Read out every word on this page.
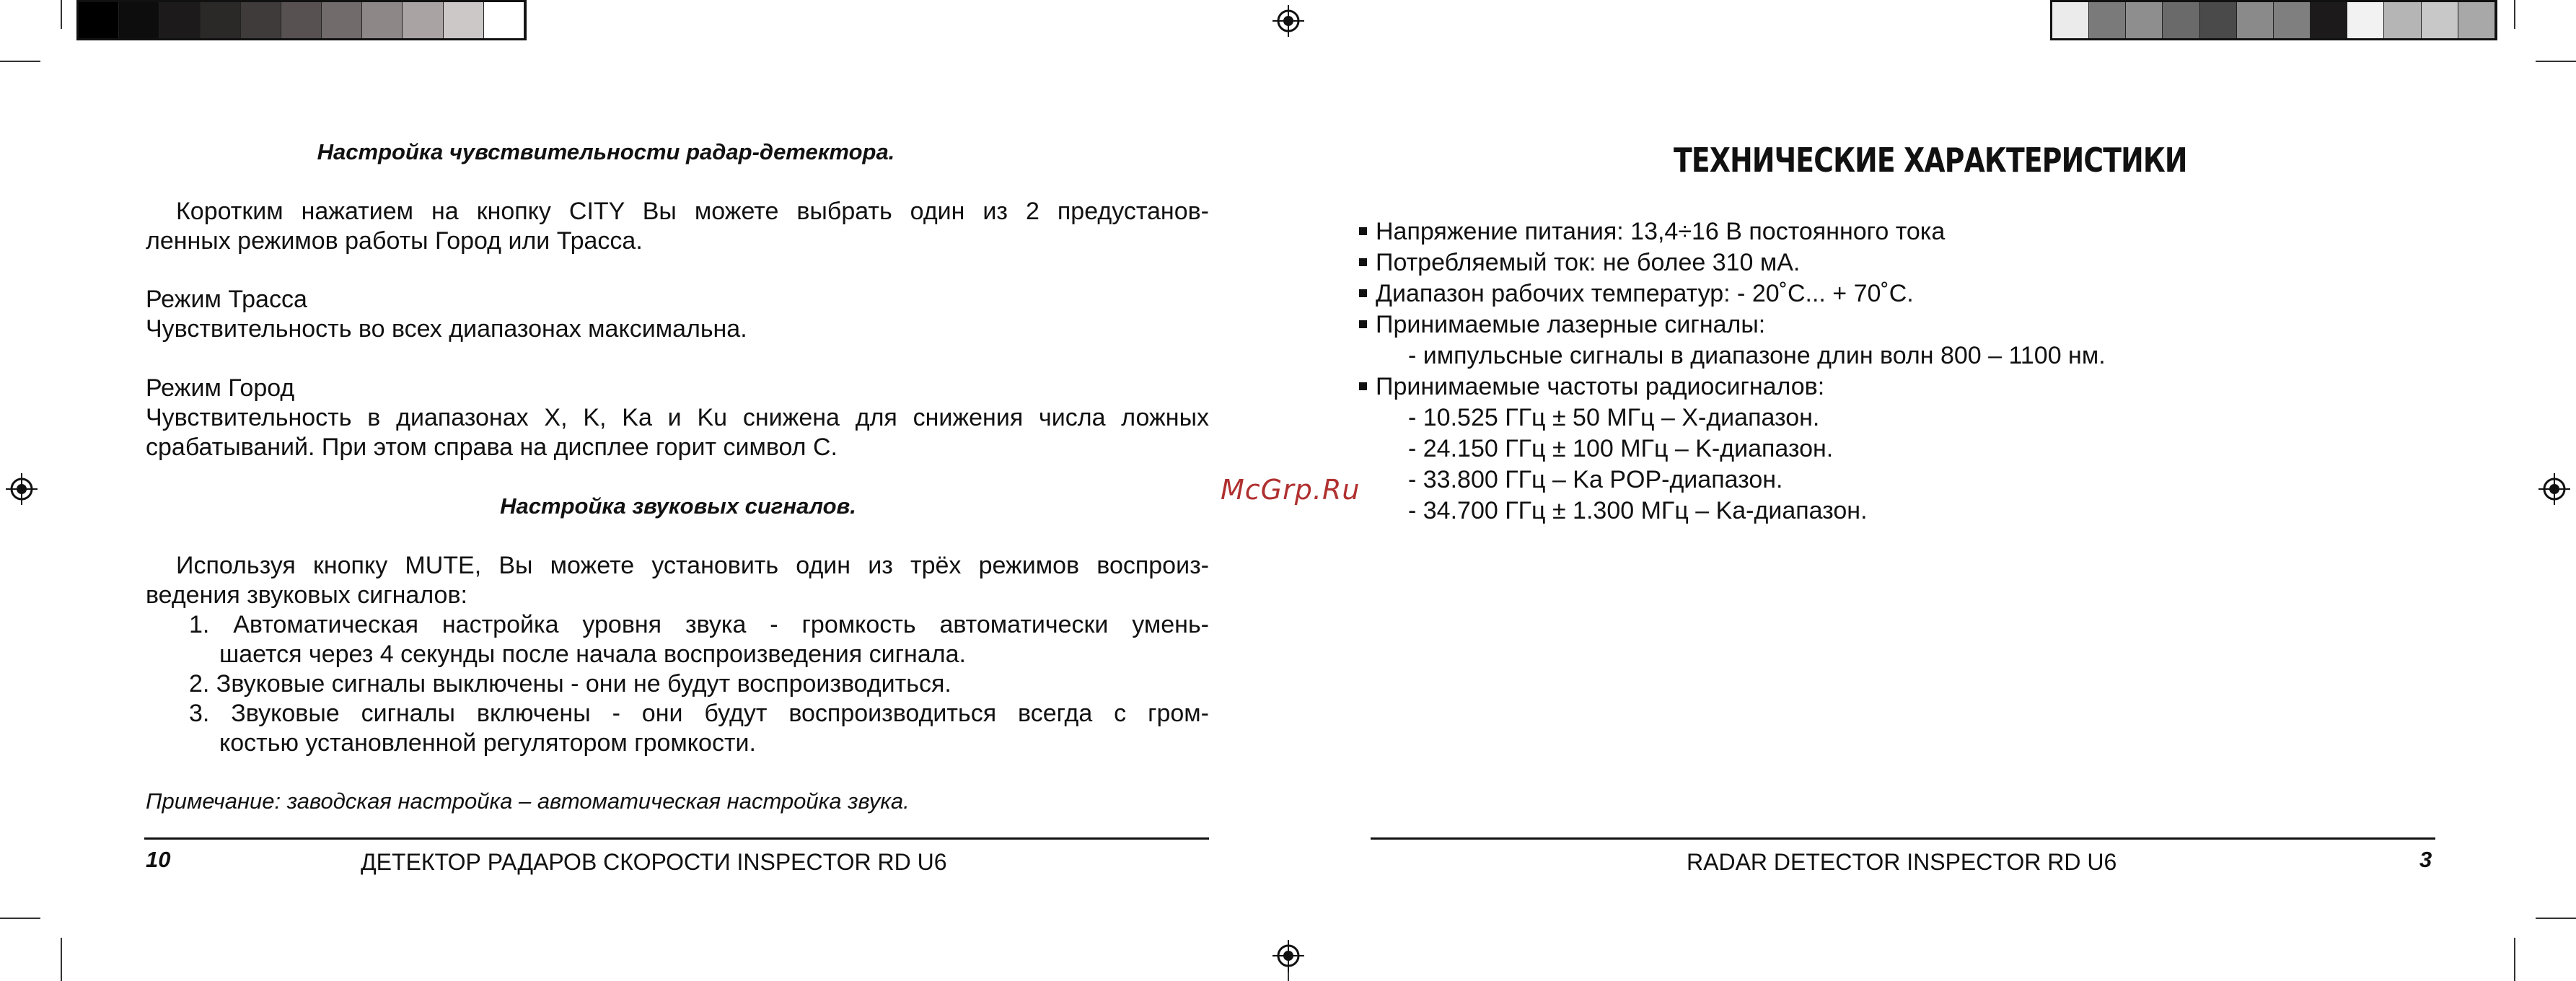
Настройка чувствительности радар-детектора.
Коротким нажатием на кнопку CITY Вы можете выбрать один из 2 предустанов-
ленных режимов работы Город или Трасса.
Режим Трасса
Чувствительность во всех диапазонах максимальна.
Режим Город
Чувствительность в диапазонах X, K, Ka и Ku снижена для снижения числа ложных
срабатываний. При этом справа на дисплее горит символ С.
Настройка звуковых сигналов.
Используя кнопку MUTE, Вы можете установить один из трёх режимов воспроиз-
ведения звуковых сигналов:
1. Автоматическая настройка уровня звука - громкость автоматически умень-
шается через 4 секунды после начала воспроизведения сигнала.
2. Звуковые сигналы выключены - они не будут воспроизводиться.
3. Звуковые сигналы включены - они будут воспроизводиться всегда с гром-
костью установленной регулятором громкости.
Примечание: заводская настройка – автоматическая настройка звука.
10	ДЕТЕКТОР РАДАРОВ СКОРОСТИ INSPECTOR RD U6
McGrp.Ru
ТЕХНИЧЕСКИЕ ХАРАКТЕРИСТИКИ
Напряжение питания: 13,4÷16 В постоянного тока
Потребляемый ток: не более 310 мА.
Диапазон рабочих температур: - 20˚С... + 70˚С.
Принимаемые лазерные сигналы:
- импульсные сигналы в диапазоне длин волн 800 – 1100 нм.
Принимаемые частоты радиосигналов:
- 10.525 ГГц ± 50 МГц – X-диапазон.
- 24.150 ГГц ± 100 МГц – K-диапазон.
- 33.800 ГГц – Ka POP-диапазон.
- 34.700 ГГц ± 1.300 МГц – Ka-диапазон.
RADAR DETECTOR INSPECTOR RD U6	3
